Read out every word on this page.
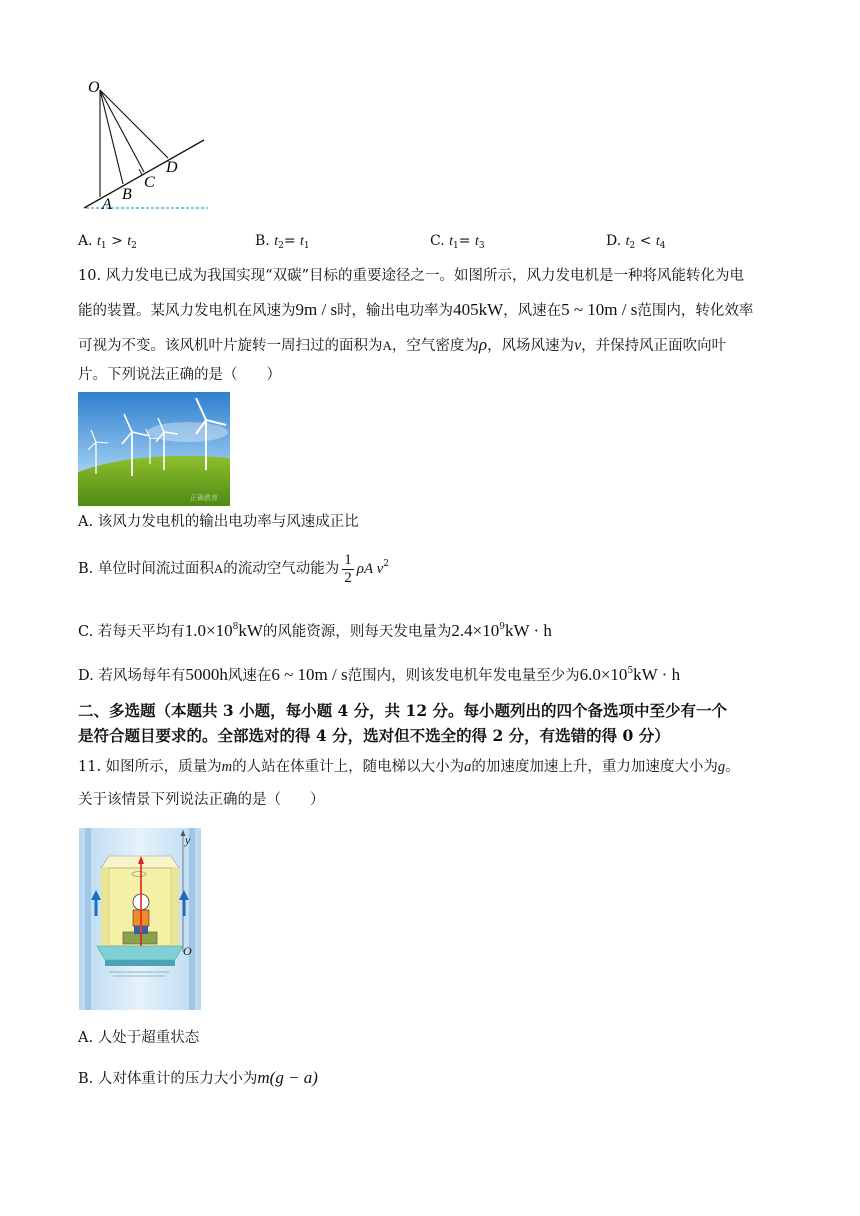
O
A
B
C
D
A. $t_1 > t_2$	B. $t_2= t_1$	C. $t_1= t_3$	D. $t_2 < t_4$
10. 风力发电已成为我国实现“双碳”目标的重要途径之一。如图所示，风力发电机是一种将风能转化为电
能的装置。某风力发电机在风速为9m / s时，输出电功率为405kW，风速在5 ~ 10m / s范围内，转化效率
可视为不变。该风机叶片旋转一周扫过的面积为A，空气密度为ρ，风场风速为v，并保持风正面吹向叶
片。下列说法正确的是（　　）
正确教育
A. 该风力发电机的输出电功率与风速成正比
B. 单位时间流过面积A的流动空气动能为 $\frac{1}{2}$ ρA $v^2$
C. 若每天平均有$1.0\times 10^8kW$的风能资源，则每天发电量为$2.4\times 10^9kW \cdot h$
D. 若风场每年有5000h风速在6 ~ 10m / s范围内，则该发电机年发电量至少为$6.0\times 10^5kW \cdot h$
二、多选题（本题共 3 小题，每小题 4 分，共 12 分。每小题列出的四个备选项中至少有一个
是符合题目要求的。全部选对的得 4 分，选对但不选全的得 2 分，有选错的得 0 分）
11. 如图所示，质量为m的人站在体重计上，随电梯以大小为a的加速度加速上升，重力加速度大小为g。
关于该情景下列说法正确的是（　　）
y
O
A. 人处于超重状态
B. 人对体重计的压力大小为m(g − a)
